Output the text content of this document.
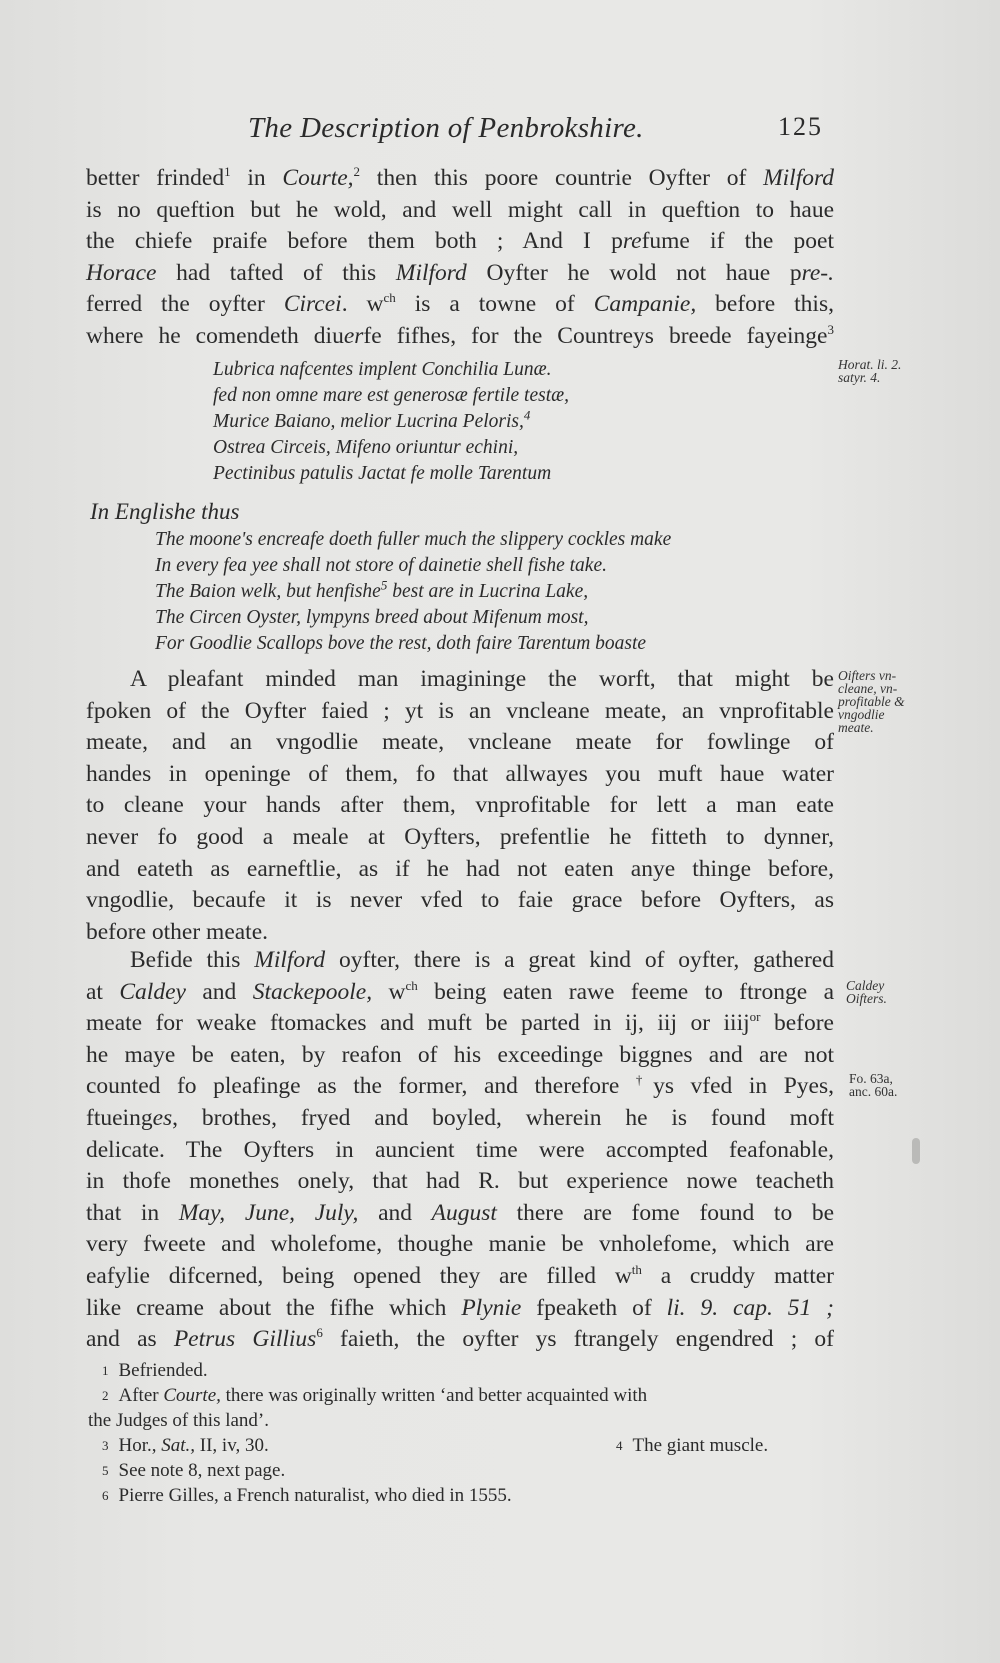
The Description of Penbrokshire.	125
better frinded$^1$ in Courte,$^2$ then this poore countrie Oyfter of Milford
is no queftion but he wold, and well might call in queftion to haue
the chiefe praife before them both ; And I prefume if the poet
Horace had tafted of this Milford Oyfter he wold not haue pre-.
ferred the oyfter Circei. $w^{ch}$ is a towne of Campanie, before this,
where he comendeth diuerfe fifhes, for the Countreys breede fayeinge$^3$
Lubrica nafcentes implent Conchilia Lunæ.
fed non omne mare est generosæ fertile testæ,
Murice Baiano, melior Lucrina Peloris,$^4$
Ostrea Circeis, Mifeno oriuntur echini,
Pectinibus patulis Jactat fe molle Tarentum
In Englishe thus
The moone's encreafe doeth fuller much the slippery cockles make
In every fea yee shall not store of dainetie shell fishe take.
The Baion welk, but henfishe$^5$ best are in Lucrina Lake,
The Circen Oyster, lympyns breed about Mifenum most,
For Goodlie Scallops bove the rest, doth faire Tarentum boaste
A pleafant minded man imagininge the worft, that might be
fpoken of the Oyfter faied ; yt is an vncleane meate, an vnprofitable
meate, and an vngodlie meate, vncleane meate for fowlinge of
handes in openinge of them, fo that allwayes you muft haue water
to cleane your hands after them, vnprofitable for lett a man eate
never fo good a meale at Oyfters, prefentlie he fitteth to dynner,
and eateth as earneftlie, as if he had not eaten anye thinge before,
vngodlie, becaufe it is never vfed to faie grace before Oyfters, as
before other meate.
Befide this Milford oyfter, there is a great kind of oyfter, gathered
at Caldey and Stackepoole, $w^{ch}$ being eaten rawe feeme to ftronge a
meate for weake ftomackes and muft be parted in ij, iij or iiij$^{or}$ before
he maye be eaten, by reafon of his exceedinge biggnes and are not
counted fo pleafinge as the former, and therefore †ys vfed in Pyes,
ftueinges, brothes, fryed and boyled, wherein he is found moft
delicate. The Oyfters in auncient time were accompted feafonable,
in thofe monethes onely, that had R. but experience nowe teacheth
that in May, June, July, and August there are fome found to be
very fweete and wholefome, thoughe manie be vnholefome, which are
eafylie difcerned, being opened they are filled $w^{th}$ a cruddy matter
like creame about the fifhe which Plynie fpeaketh of li. 9. cap. 51 ;
and as Petrus Gillius$^6$ faieth, the oyfter ys ftrangely engendred ; of
Horat. li. 2.
satyr. 4.
Oifters vn-
cleane, vn-
profitable &
vngodlie
meate.
Caldey
Oifters.
Fo. 63a,
anc. 60a.
$^1$ Befriended.
$^2$ After Courte, there was originally written ‘and better acquainted with
the Judges of this land’.
$^3$ Hor., Sat., II, iv, 30.
$^5$ See note 8, next page.
$^6$ Pierre Gilles, a French naturalist, who died in 1555.
$^4$ The giant muscle.
